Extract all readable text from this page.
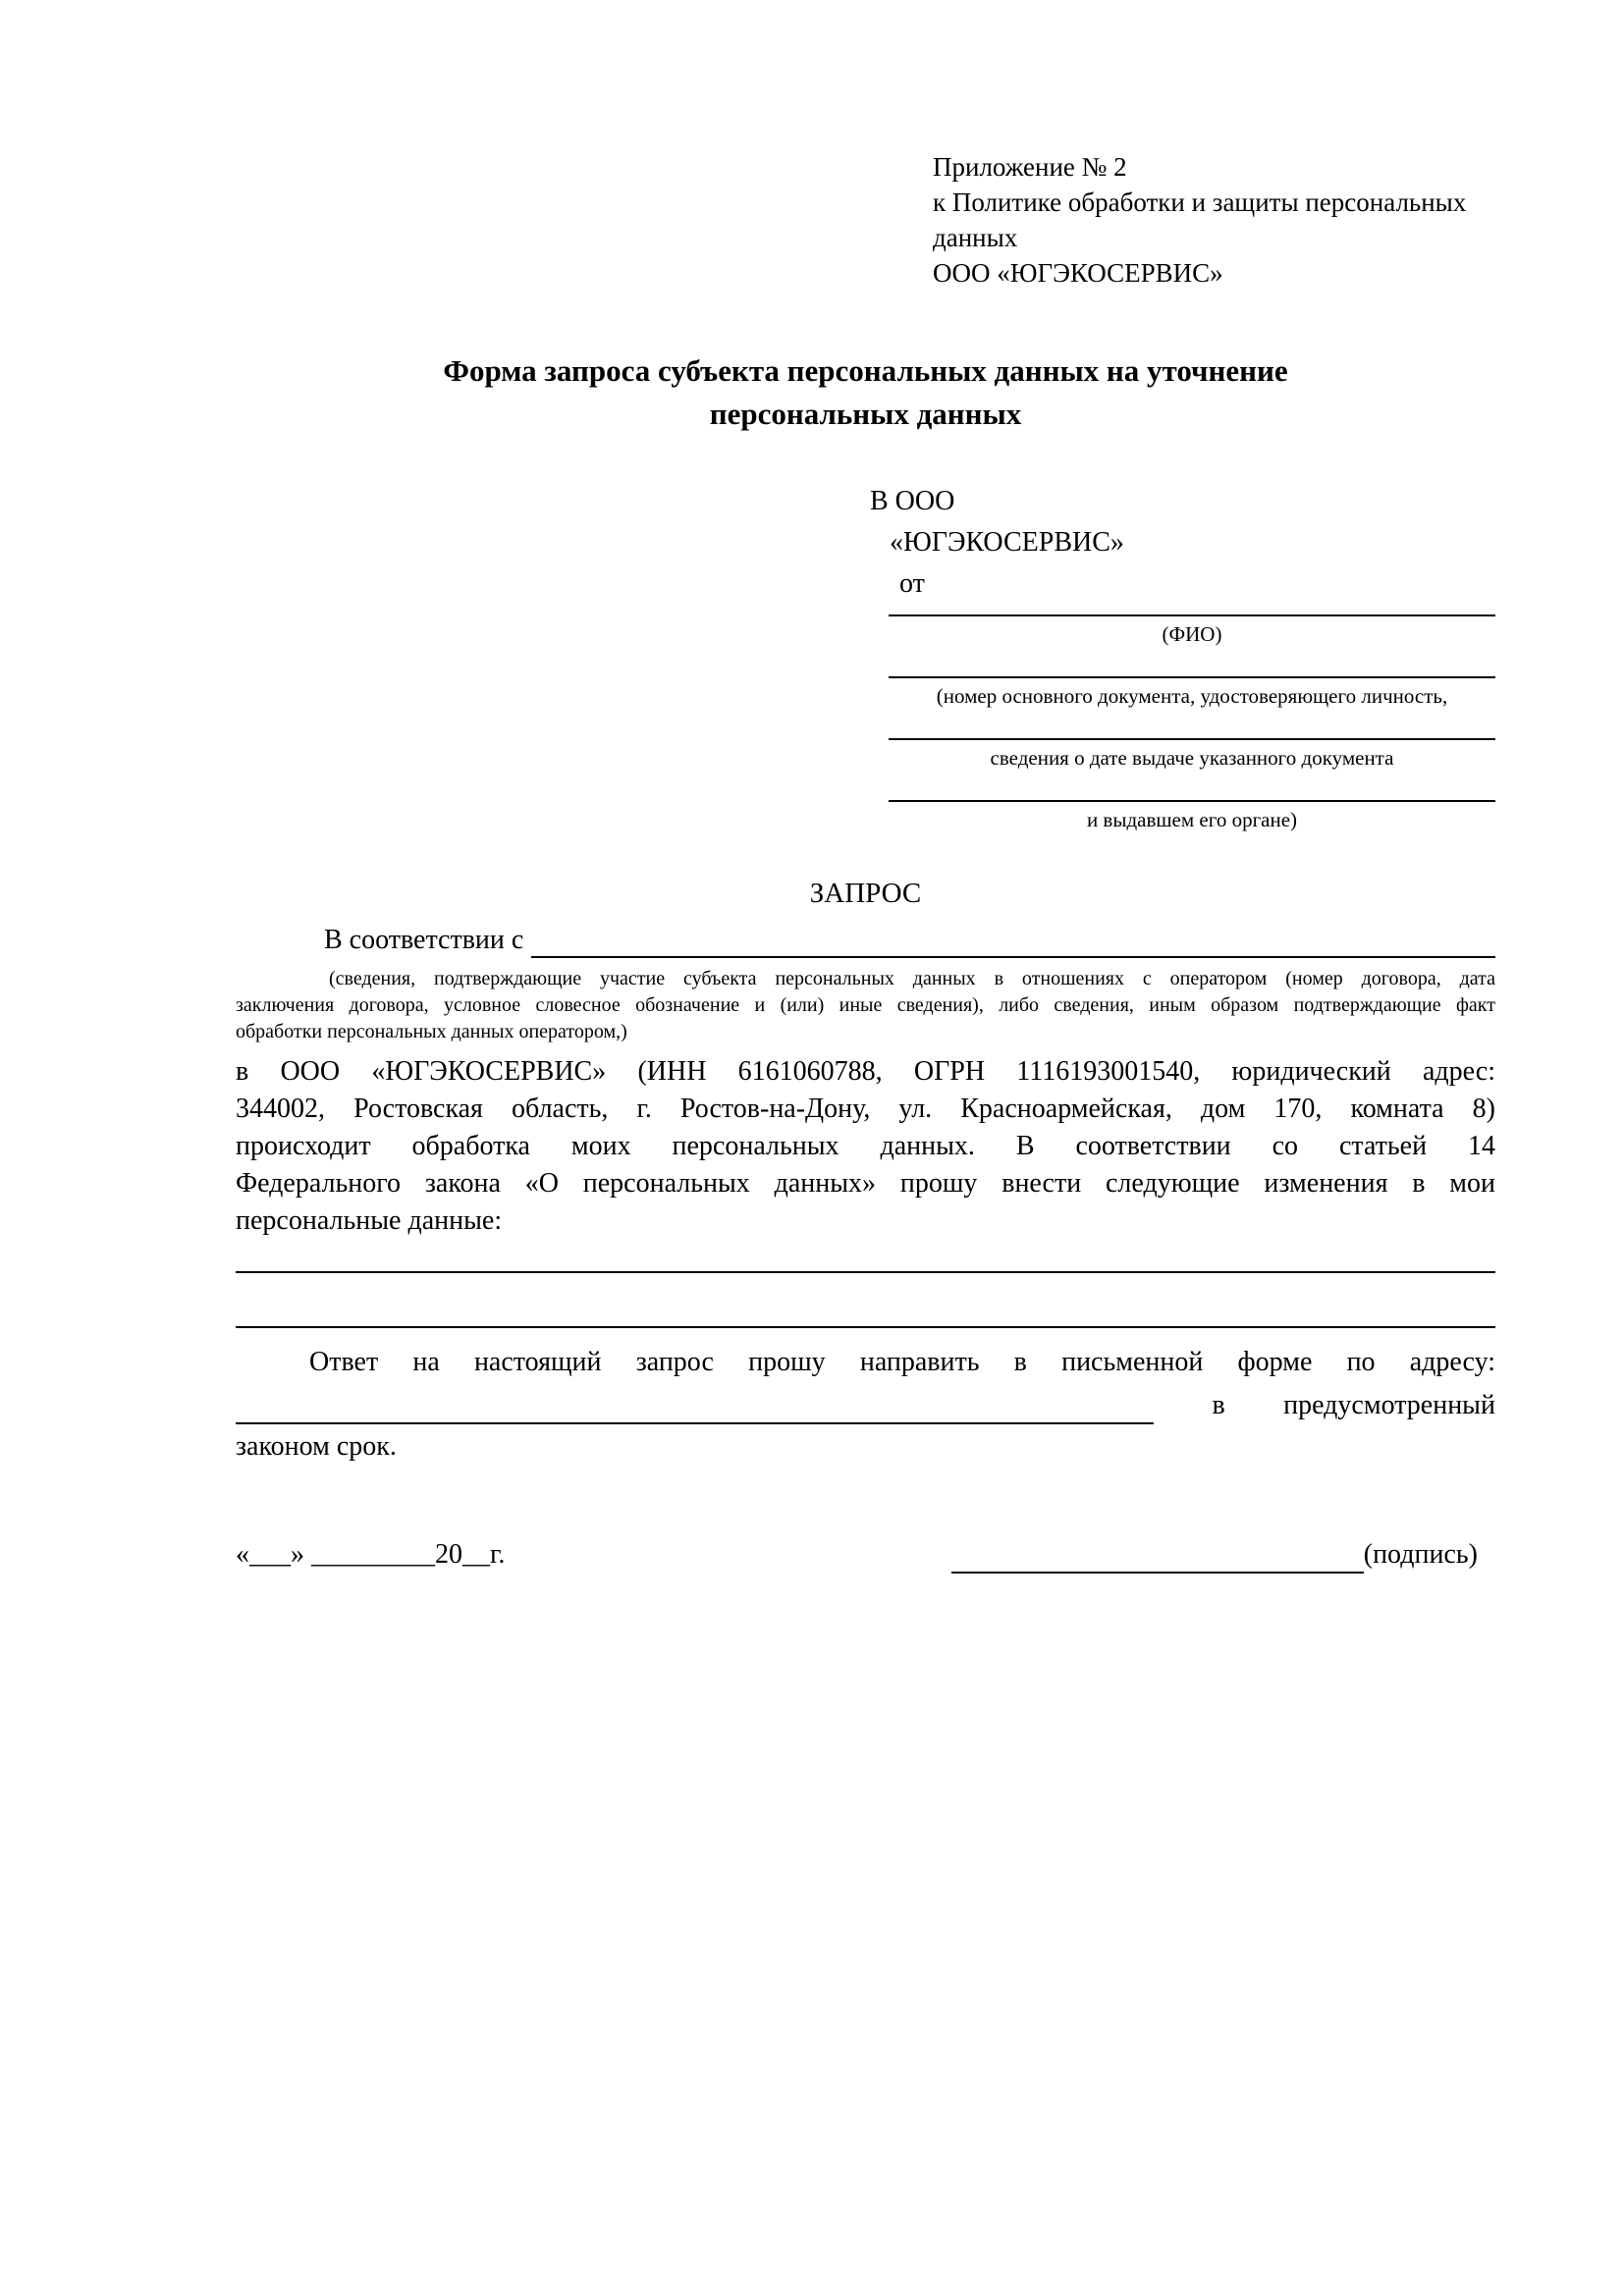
Приложение № 2
к Политике обработки и защиты персональных
данных
ООО «ЮГЭКОСЕРВИС»
Форма запроса субъекта персональных данных на уточнение
персональных данных
В ООО
«ЮГЭКОСЕРВИС»
от
(ФИО)
(номер основного документа, удостоверяющего личность,
сведения о дате выдаче указанного документа
и выдавшем его органе)
ЗАПРОС
В соответствии с
(сведения, подтверждающие участие субъекта персональных данных в отношениях с оператором (номер договора, дата
заключения договора, условное словесное обозначение и (или) иные сведения), либо сведения, иным образом подтверждающие факт
обработки персональных данных оператором,)
в ООО «ЮГЭКОСЕРВИС» (ИНН 6161060788, ОГРН 1116193001540, юридический адрес:
344002, Ростовская область, г. Ростов-на-Дону, ул. Красноармейская, дом 170, комната 8)
происходит обработка моих персональных данных. В соответствии со статьей 14
Федерального закона «О персональных данных» прошу внести следующие изменения в мои
персональные данные:
Ответ на настоящий запрос прошу направить в письменной форме по адресу:
в предусмотренный
законом срок.
«___» _________20__г.	(подпись)
